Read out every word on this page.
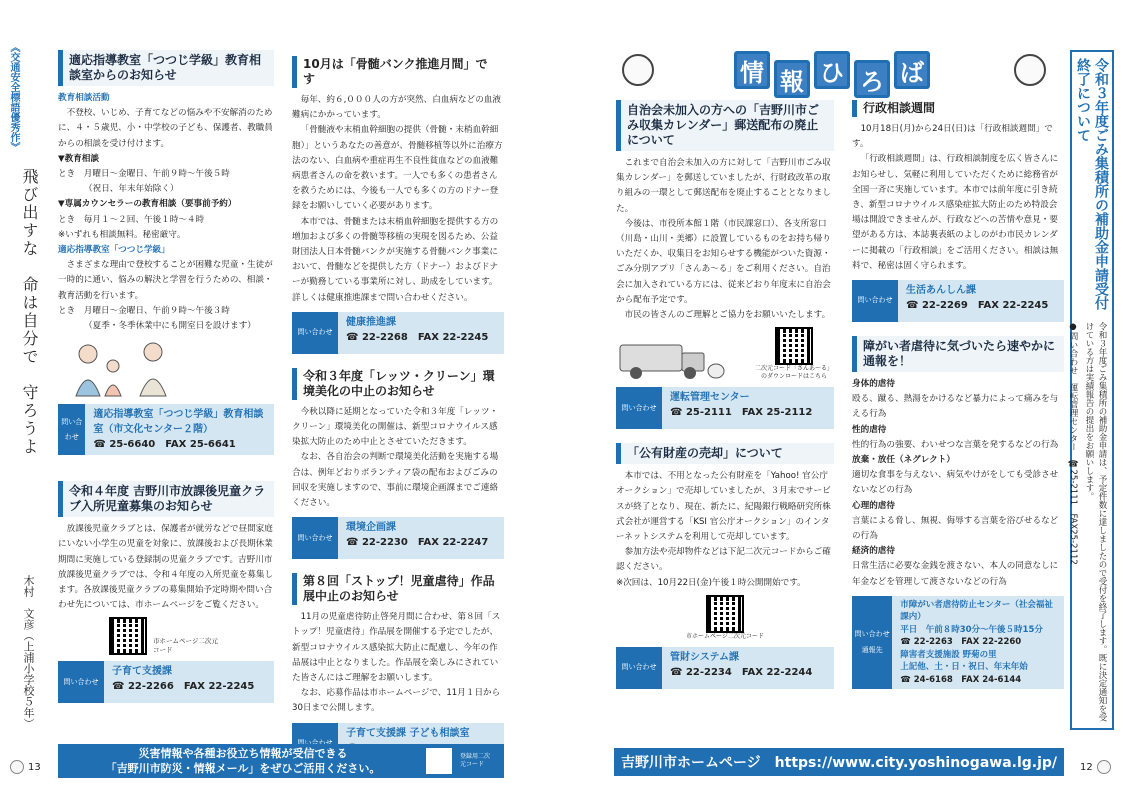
《交通安全標語優秀作》
飛び出すな　命は自分で　守ろうよ
木村　文彦（上浦小学校５年）
適応指導教室「つつじ学級」教育相談室からのお知らせ

教育相談活動

不登校、いじめ、子育てなどの悩みや不安解消のために、４・５歳児、小・中学校の子ども、保護者、教職員からの相談を受け付けます。

▼教育相談

とき　月曜日～金曜日、午前９時～午後５時

（祝日、年末年始除く）

▼専属カウンセラーの教育相談（要事前予約）

とき　毎月１～２回、午後１時～４時

※いずれも相談無料。秘密厳守。

適応指導教室「つつじ学級」

さまざまな理由で登校することが困難な児童・生徒が一時的に通い、悩みの解決と学習を行うための、相談・教育活動を行います。

とき　月曜日～金曜日、午前９時～午後３時

（夏季・冬季休業中にも開室日を設けます）

問い合わせ
適応指導教室「つつじ学級」教育相談室（市文化センター２階）
☎ 25-6640　FAX 25-6641
令和４年度 吉野川市放課後児童クラブ入所児童募集のお知らせ

放課後児童クラブとは、保護者が就労などで昼間家庭にいない小学生の児童を対象に、放課後および長期休業期間に実施している登録制の児童クラブです。吉野川市放課後児童クラブでは、令和４年度の入所児童を募集します。各放課後児童クラブの募集開始予定時期や問い合わせ先については、市ホームページをご覧ください。

市ホームページ二次元コード
問い合わせ
子育て支援課
☎ 22-2266　FAX 22-2245
10月は「骨髄バンク推進月間」です

毎年、約６,０００人の方が突然、白血病などの血液難病にかかっています。

「骨髄液や末梢血幹細胞の提供（骨髄・末梢血幹細胞）」というあなたの善意が、骨髄移植等以外に治療方法のない、白血病や重症再生不良性貧血などの血液難病患者さんの命を救います。一人でも多くの患者さんを救うためには、今後も一人でも多くの方のドナー登録をお願いしていく必要があります。

本市では、骨髄または末梢血幹細胞を提供する方の増加および多くの骨髄等移植の実現を図るため、公益財団法人日本骨髄バンクが実施する骨髄バンク事業において、骨髄などを提供した方（ドナー）およびドナーが勤務している事業所に対し、助成をしています。詳しくは健康推進課まで問い合わせください。

問い合わせ
健康推進課
☎ 22-2268　FAX 22-2245
令和３年度「レッツ・クリーン」環境美化の中止のお知らせ

今秋以降に延期となっていた令和３年度「レッツ・クリーン」環境美化の開催は、新型コロナウイルス感染拡大防止のため中止とさせていただきます。

なお、各自治会の判断で環境美化活動を実施する場合は、例年どおりボランティア袋の配布およびごみの回収を実施しますので、事前に環境企画課までご連絡ください。

問い合わせ
環境企画課
☎ 22-2230　FAX 22-2247
第８回「ストップ！児童虐待」作品展中止のお知らせ

11月の児童虐待防止啓発月間に合わせ、第８回「ストップ！児童虐待」作品展を開催する予定でしたが、新型コロナウイルス感染拡大防止に配慮し、今年の作品展は中止となりました。作品展を楽しみにされていた皆さんにはご理解をお願いします。

なお、応募作品は市ホームページで、11月１日から30日まで公開します。

子育て支援課 子ども相談室
災害情報や各種お役立ち情報が受信できる
「吉野川市防災・情報メール」をぜひご活用ください。
登録用二次元コード
13
情 報 ひ ろ ば
自治会未加入の方への「吉野川市ごみ収集カレンダー」郵送配布の廃止について

これまで自治会未加入の方に対して「吉野川市ごみ収集カレンダー」を郵送していましたが、行財政改革の取り組みの一環として郵送配布を廃止することとなりました。

今後は、市役所本館１階（市民課窓口）、各支所窓口（川島・山川・美郷）に設置しているものをお持ち帰りいただくか、収集日をお知らせする機能がついた資源・ごみ分別アプリ「さんあ～る」をご利用ください。自治会に加入されている方には、従来どおり年度末に自治会から配布予定です。

市民の皆さんのご理解とご協力をお願いいたします。

二次元コード「さんあ～る」のダウンロードはこちら
問い合わせ
運転管理センター
☎ 25-2111　FAX 25-2112
「公有財産の売却」について

本市では、不用となった公有財産を「Yahoo! 官公庁オークション」で売却していましたが、３月末でサービスが終了となり、現在、新たに、紀陽銀行戦略研究所株式会社が運営する「KSI 官公庁オークション」のインターネットシステムを利用して売却しています。

参加方法や売却物件などは下記二次元コードからご確認ください。

※次回は、10月22日(金)午後１時公開開始です。

市ホームページ二次元コード
問い合わせ
管財システム課
☎ 22-2234　FAX 22-2244
行政相談週間

10月18日(月)から24日(日)は「行政相談週間」です。

「行政相談週間」は、行政相談制度を広く皆さんにお知らせし、気軽に利用していただくために総務省が全国一斉に実施しています。本市では前年度に引き続き、新型コロナウイルス感染症拡大防止のため特設会場は開設できませんが、行政などへの苦情や意見・要望がある方は、本誌裏表紙のよしのがわ市民カレンダーに掲載の「行政相談」をご活用ください。相談は無料で、秘密は固く守られます。

問い合わせ
生活あんしん課
☎ 22-2269　FAX 22-2245
障がい者虐待に気づいたら速やかに通報を！

身体的虐待

殴る、蹴る、熱湯をかけるなど暴力によって痛みを与える行為

性的虐待

性的行為の強要、わいせつな言葉を発するなどの行為

放棄・放任（ネグレクト）

適切な食事を与えない、病気やけがをしても受診させないなどの行為

心理的虐待

言葉による脅し、無視、侮辱する言葉を浴びせるなどの行為

経済的虐待

日常生活に必要な金銭を渡さない、本人の同意なしに年金などを管理して渡さないなどの行為

問い合わせ通報先
市障がい者虐待防止センター（社会福祉課内）
平日　午前８時30分～午後５時15分
☎ 22-2263　FAX 22-2260
障害者支援施設 野菊の里
上記他、土・日・祝日、年末年始
☎ 24-6168　FAX 24-6144
令和３年度ごみ集積所の補助金申請受付終了について

令和３年度ごみ集積所の補助金申請は、予定件数に達しましたので受付を終了します。既に決定通知を受けている方は実績報告の提出をお願いします。

●問い合わせ　運転管理センター　☎25-2111　FAX25-2112

吉野川市ホームページ　https://www.city.yoshinogawa.lg.jp/	12
